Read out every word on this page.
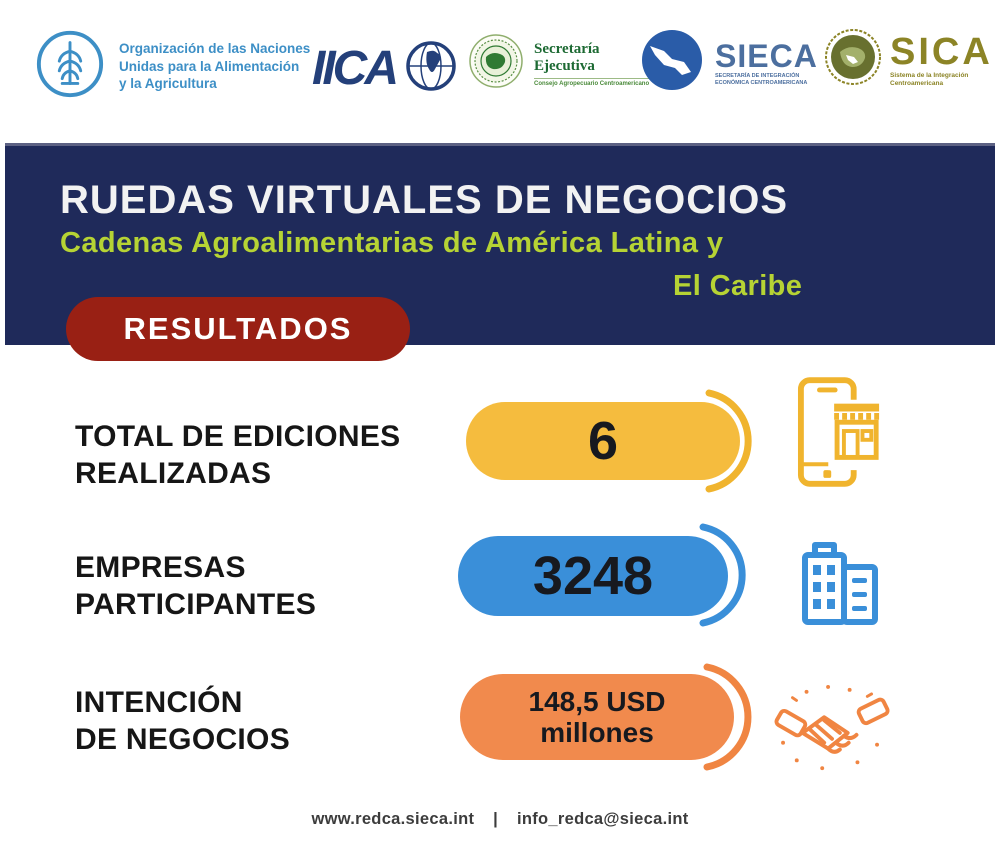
Organización de las Naciones
Unidas para la Alimentación
y la Agricultura	IICA	Secretaría
Ejecutiva
Consejo Agropecuario Centroamericano
SIECA
SECRETARÍA DE INTEGRACIÓN
ECONÓMICA CENTROAMERICANA
SICA
Sistema de la Integración
Centroamericana
RUEDAS VIRTUALES DE NEGOCIOS
Cadenas Agroalimentarias de América Latina y
El Caribe
RESULTADOS
TOTAL DE EDICIONES
REALIZADAS
6
EMPRESAS
PARTICIPANTES	3248
INTENCIÓN
DE NEGOCIOS
148,5 USD
millones
www.redca.sieca.int | info_redca@sieca.int
